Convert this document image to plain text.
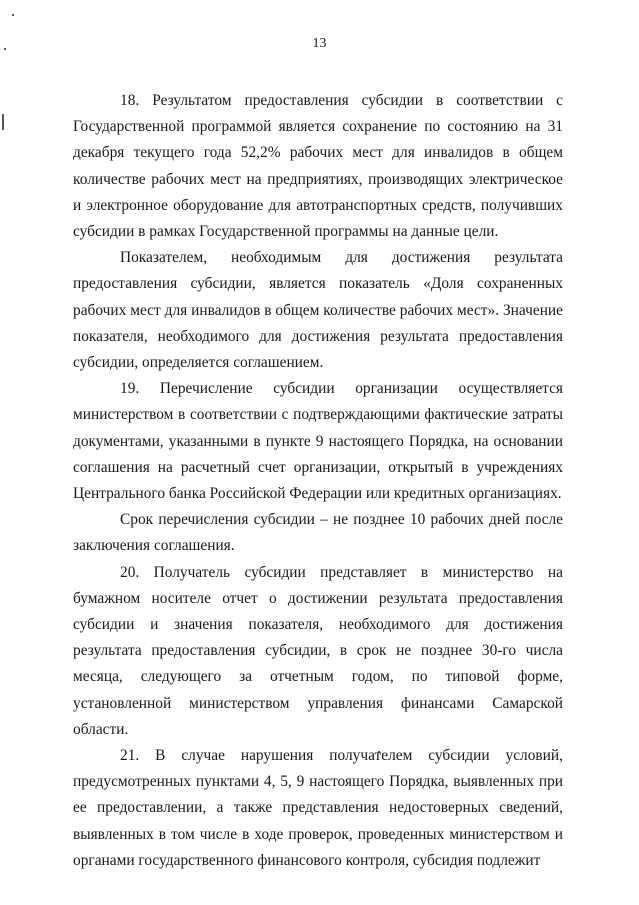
13

18. Результатом предоставления субсидии в соответствии с Государственной программой является сохранение по состоянию на 31 декабря текущего года 52,2% рабочих мест для инвалидов в общем количестве рабочих мест на предприятиях, производящих электрическое и электронное оборудование для автотранспортных средств, получивших субсидии в рамках Государственной программы на данные цели.

Показателем, необходимым для достижения результата предоставления субсидии, является показатель «Доля сохраненных рабочих мест для инвалидов в общем количестве рабочих мест». Значение показателя, необходимого для достижения результата предоставления субсидии, определяется соглашением.

19. Перечисление субсидии организации осуществляется министерством в соответствии с подтверждающими фактические затраты документами, указанными в пункте 9 настоящего Порядка, на основании соглашения на расчетный счет организации, открытый в учреждениях Центрального банка Российской Федерации или кредитных организациях.

Срок перечисления субсидии – не позднее 10 рабочих дней после заключения соглашения.

20. Получатель субсидии представляет в министерство на бумажном носителе отчет о достижении результата предоставления субсидии и значения показателя, необходимого для достижения результата предоставления субсидии, в срок не позднее 30-го числа месяца, следующего за отчетным годом, по типовой форме, установленной министерством управления финансами Самарской области.

21. В случае нарушения получателем субсидии условий, предусмотренных пунктами 4, 5, 9 настоящего Порядка, выявленных при ее предоставлении, а также представления недостоверных сведений, выявленных в том числе в ходе проверок, проведенных министерством и органами государственного финансового контроля, субсидия подлежит
